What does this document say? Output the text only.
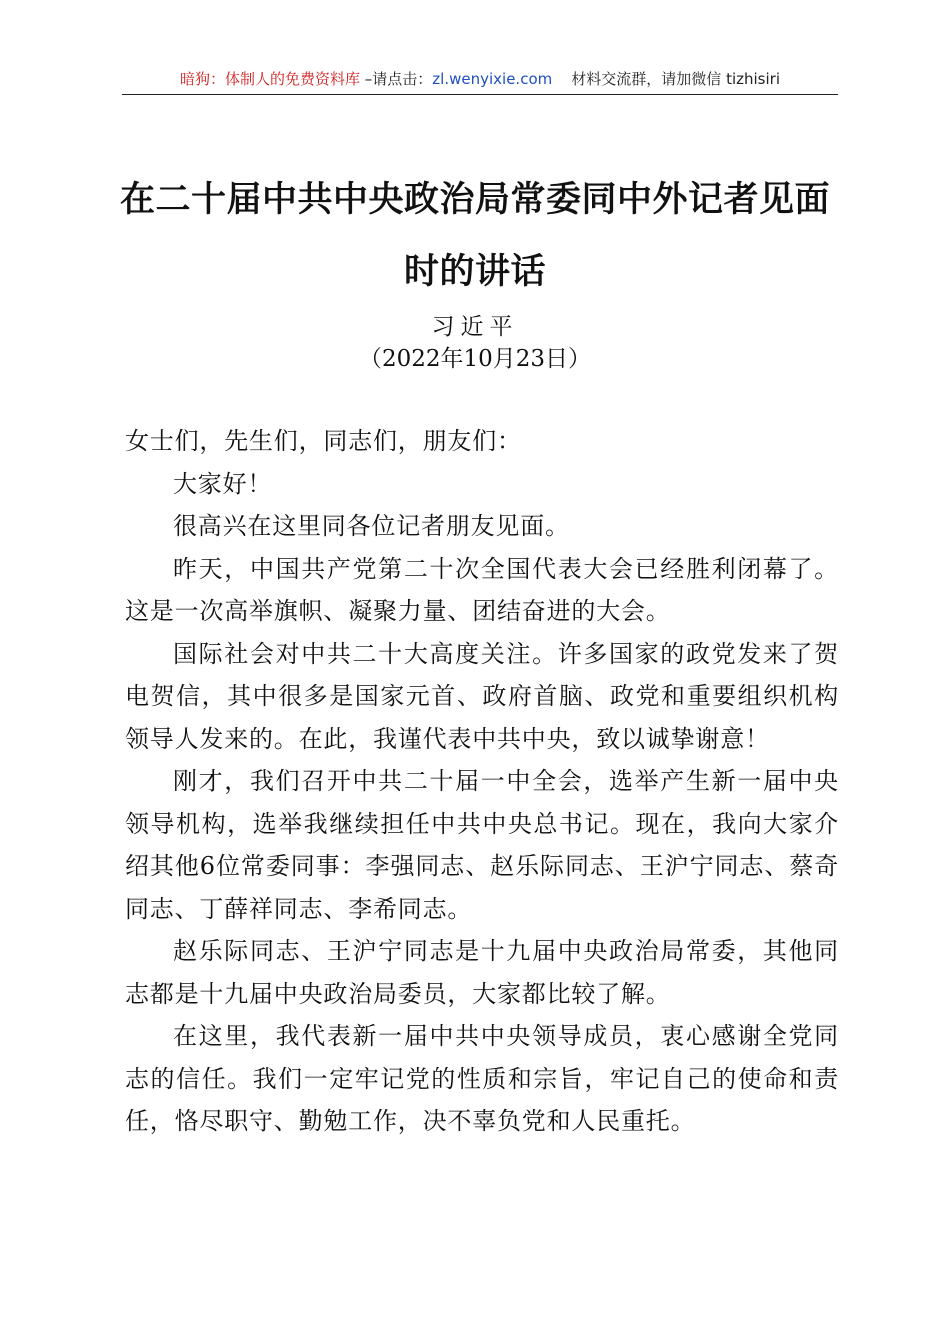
暗狗：体制人的免费资料库 –请点击：zl.wenyixie.com    材料交流群，请加微信 tizhisiri
在二十届中共中央政治局常委同中外记者见面
时的讲话
习近平
（2022年10月23日）

女士们，先生们，同志们，朋友们：

大家好！

很高兴在这里同各位记者朋友见面。

昨天，中国共产党第二十次全国代表大会已经胜利闭幕了。这是一次高举旗帜、凝聚力量、团结奋进的大会。

国际社会对中共二十大高度关注。许多国家的政党发来了贺电贺信，其中很多是国家元首、政府首脑、政党和重要组织机构领导人发来的。在此，我谨代表中共中央，致以诚挚谢意！

刚才，我们召开中共二十届一中全会，选举产生新一届中央领导机构，选举我继续担任中共中央总书记。现在，我向大家介绍其他6位常委同事：李强同志、赵乐际同志、王沪宁同志、蔡奇同志、丁薛祥同志、李希同志。

赵乐际同志、王沪宁同志是十九届中央政治局常委，其他同志都是十九届中央政治局委员，大家都比较了解。

在这里，我代表新一届中共中央领导成员，衷心感谢全党同志的信任。我们一定牢记党的性质和宗旨，牢记自己的使命和责任，恪尽职守、勤勉工作，决不辜负党和人民重托。
